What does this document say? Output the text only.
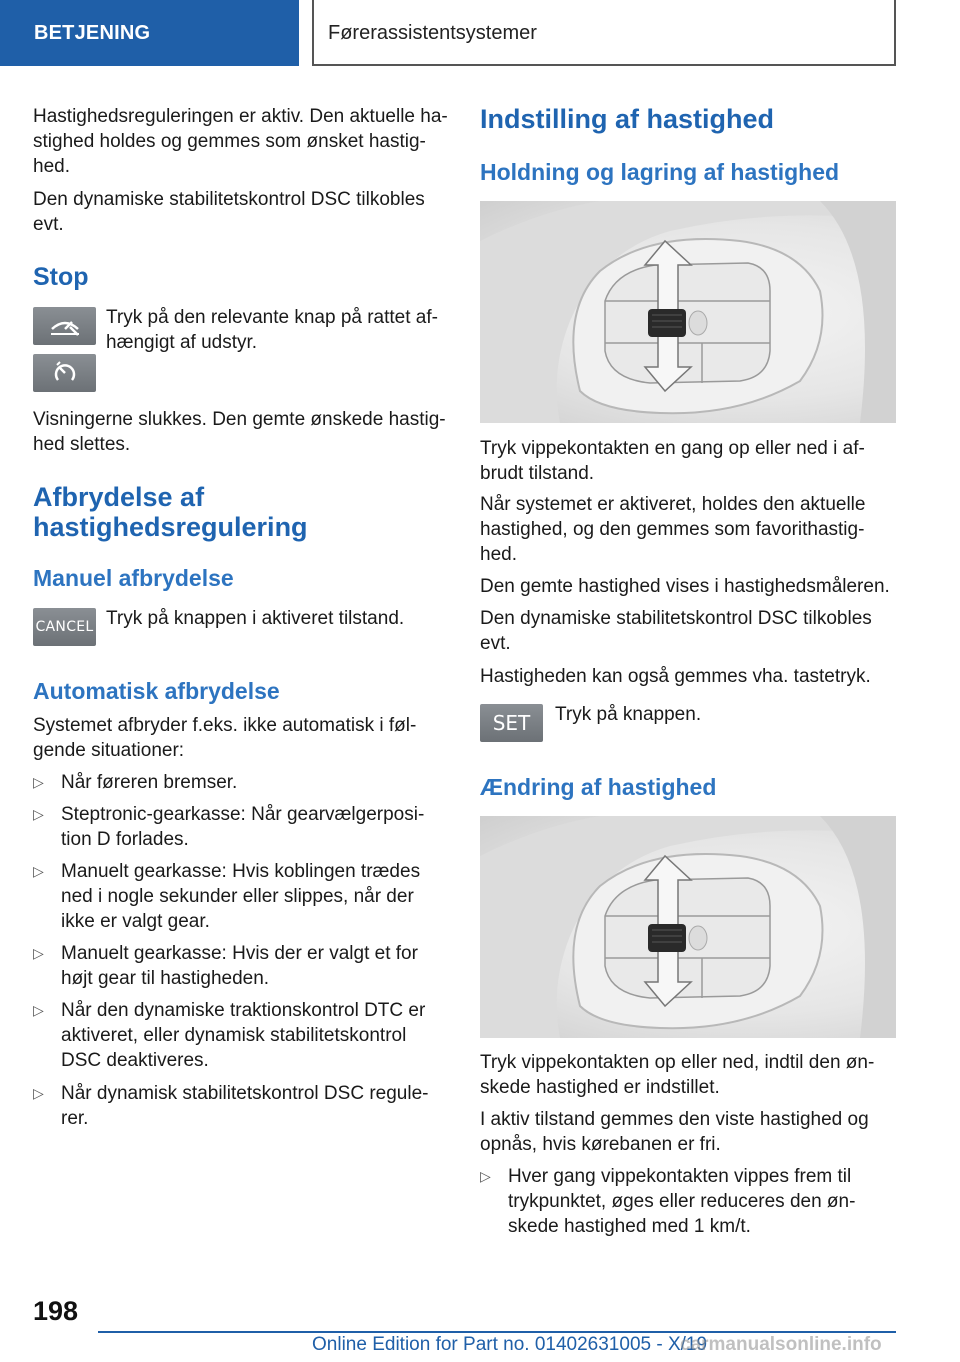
BETJENING	Førerassistentsystemer
Hastighedsreguleringen er aktiv. Den aktuelle ha-stighed holdes og gemmes som ønsket hastig-hed.
Den dynamiske stabilitetskontrol DSC tilkobles evt.
Stop
Tryk på den relevante knap på rattet af-hængigt af udstyr.
Visningerne slukkes. Den gemte ønskede hastig-hed slettes.
Afbrydelse af hastighedsregulering
Manuel afbrydelse
CANCEL Tryk på knappen i aktiveret tilstand.
Automatisk afbrydelse
Systemet afbryder f.eks. ikke automatisk i føl-gende situationer:
▷ Når føreren bremser.
▷ Steptronic-gearkasse: Når gearvælgerposi-tion D forlades.
▷ Manuelt gearkasse: Hvis koblingen trædes ned i nogle sekunder eller slippes, når der ikke er valgt gear.
▷ Manuelt gearkasse: Hvis der er valgt et for højt gear til hastigheden.
▷ Når den dynamiske traktionskontrol DTC er aktiveret, eller dynamisk stabilitetskontrol DSC deaktiveres.
▷ Når dynamisk stabilitetskontrol DSC regule-rer.
Indstilling af hastighed
Holdning og lagring af hastighed
Tryk vippekontakten en gang op eller ned i af-brudt tilstand.
Når systemet er aktiveret, holdes den aktuelle hastighed, og den gemmes som favorithastig-hed.
Den gemte hastighed vises i hastighedsmåleren.
Den dynamiske stabilitetskontrol DSC tilkobles evt.
Hastigheden kan også gemmes vha. tastetryk.
SET Tryk på knappen.
Ændring af hastighed
Tryk vippekontakten op eller ned, indtil den øn-skede hastighed er indstillet.
I aktiv tilstand gemmes den viste hastighed og opnås, hvis kørebanen er fri.
▷ Hver gang vippekontakten vippes frem til trykpunktet, øges eller reduceres den øn-skede hastighed med 1 km/t.
198
Online Edition for Part no. 01402631005 - X/19
carmanualsonline.info
